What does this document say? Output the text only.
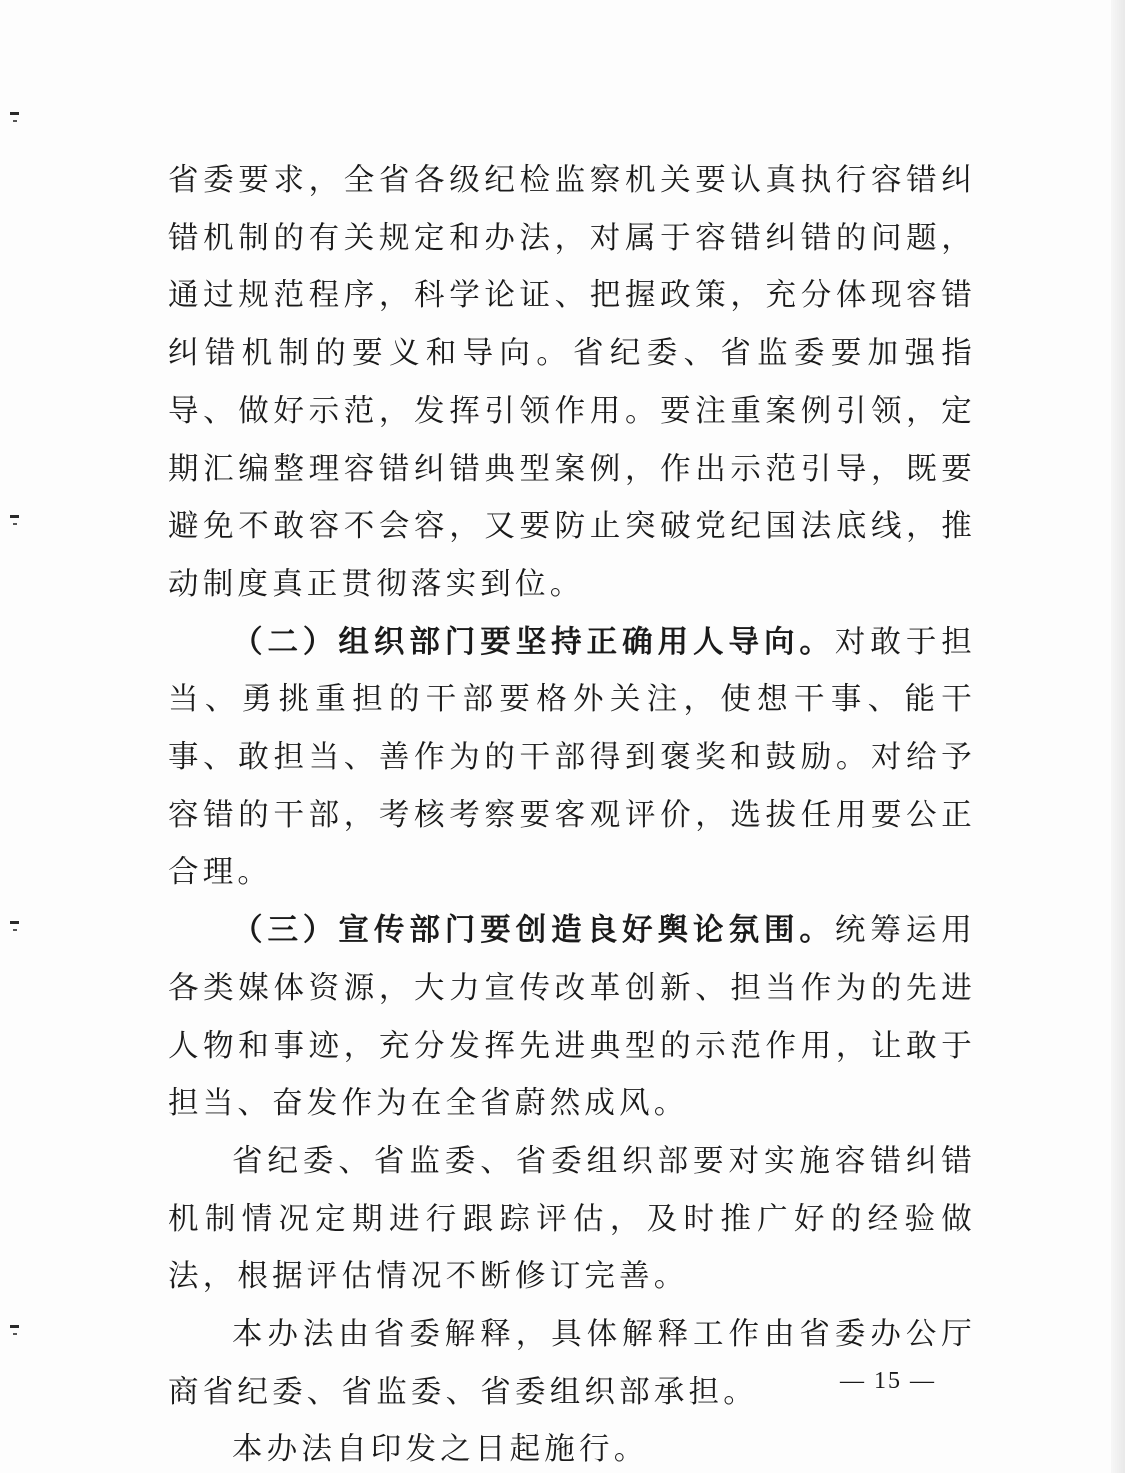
省委要求，全省各级纪检监察机关要认真执行容错纠错机制的有关规定和办法，对属于容错纠错的问题，通过规范程序，科学论证、把握政策，充分体现容错纠错机制的要义和导向。省纪委、省监委要加强指导、做好示范，发挥引领作用。要注重案例引领，定期汇编整理容错纠错典型案例，作出示范引导，既要避免不敢容不会容，又要防止突破党纪国法底线，推动制度真正贯彻落实到位。

（二）组织部门要坚持正确用人导向。对敢于担当、勇挑重担的干部要格外关注，使想干事、能干事、敢担当、善作为的干部得到褒奖和鼓励。对给予容错的干部，考核考察要客观评价，选拔任用要公正合理。

（三）宣传部门要创造良好舆论氛围。统筹运用各类媒体资源，大力宣传改革创新、担当作为的先进人物和事迹，充分发挥先进典型的示范作用，让敢于担当、奋发作为在全省蔚然成风。

省纪委、省监委、省委组织部要对实施容错纠错机制情况定期进行跟踪评估，及时推广好的经验做法，根据评估情况不断修订完善。

本办法由省委解释，具体解释工作由省委办公厅商省纪委、省监委、省委组织部承担。

本办法自印发之日起施行。

— 15 —
